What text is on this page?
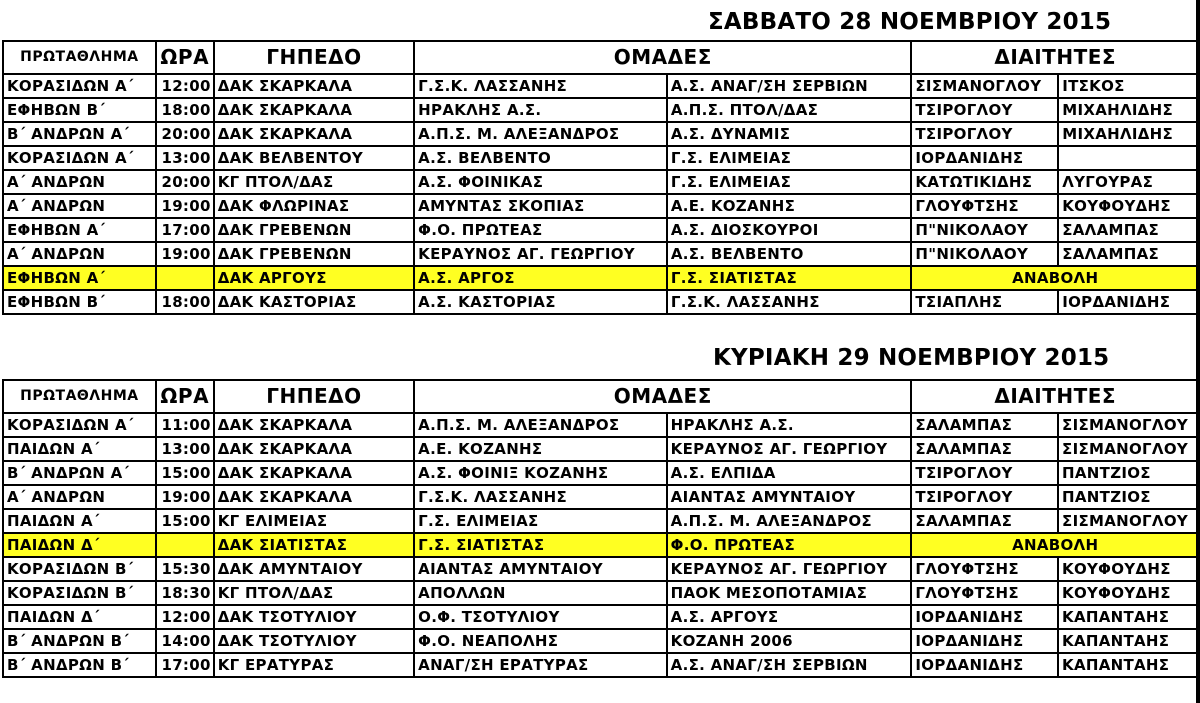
ΣΑΒΒΑΤΟ 28 ΝΟΕΜΒΡΙΟΥ 2015
ΠΡΩΤΑΘΛΗΜΑ	ΩΡΑ	ΓΗΠΕΔΟ	ΟΜΑΔΕΣ		ΔΙΑΙΤΗΤΕΣ	
ΚΟΡΑΣΙΔΩΝ Α΄	12:00	ΔΑΚ ΣΚΑΡΚΑΛΑ	Γ.Σ.Κ. ΛΑΣΣΑΝΗΣ	Α.Σ. ΑΝΑΓ/ΣΗ ΣΕΡΒΙΩΝ	ΣΙΣΜΑΝΟΓΛΟΥ	ΙΤΣΚΟΣ
ΕΦΗΒΩΝ Β΄	18:00	ΔΑΚ ΣΚΑΡΚΑΛΑ	ΗΡΑΚΛΗΣ Α.Σ.	Α.Π.Σ. ΠΤΟΛ/ΔΑΣ	ΤΣΙΡΟΓΛΟΥ	ΜΙΧΑΗΛΙΔΗΣ
Β΄ ΑΝΔΡΩΝ Α΄	20:00	ΔΑΚ ΣΚΑΡΚΑΛΑ	Α.Π.Σ. Μ. ΑΛΕΞΑΝΔΡΟΣ	Α.Σ. ΔΥΝΑΜΙΣ	ΤΣΙΡΟΓΛΟΥ	ΜΙΧΑΗΛΙΔΗΣ
ΚΟΡΑΣΙΔΩΝ Α΄	13:00	ΔΑΚ ΒΕΛΒΕΝΤΟΥ	Α.Σ. ΒΕΛΒΕΝΤΟ	Γ.Σ. ΕΛΙΜΕΙΑΣ	ΙΟΡΔΑΝΙΔΗΣ	
Α΄ ΑΝΔΡΩΝ	20:00	ΚΓ ΠΤΟΛ/ΔΑΣ	Α.Σ. ΦΟΙΝΙΚΑΣ	Γ.Σ. ΕΛΙΜΕΙΑΣ	ΚΑΤΩΤΙΚΙΔΗΣ	ΛΥΓΟΥΡΑΣ
Α΄ ΑΝΔΡΩΝ	19:00	ΔΑΚ ΦΛΩΡΙΝΑΣ	ΑΜΥΝΤΑΣ ΣΚΟΠΙΑΣ	Α.Ε. ΚΟΖΑΝΗΣ	ΓΛΟΥΦΤΣΗΣ	ΚΟΥΦΟΥΔΗΣ
ΕΦΗΒΩΝ Α΄	17:00	ΔΑΚ ΓΡΕΒΕΝΩΝ	Φ.Ο. ΠΡΩΤΕΑΣ	Α.Σ. ΔΙΟΣΚΟΥΡΟΙ	Π"ΝΙΚΟΛΑΟΥ	ΣΑΛΑΜΠΑΣ
Α΄ ΑΝΔΡΩΝ	19:00	ΔΑΚ ΓΡΕΒΕΝΩΝ	ΚΕΡΑΥΝΟΣ ΑΓ. ΓΕΩΡΓΙΟΥ	Α.Σ. ΒΕΛΒΕΝΤΟ	Π"ΝΙΚΟΛΑΟΥ	ΣΑΛΑΜΠΑΣ
ΕΦΗΒΩΝ Α΄		ΔΑΚ ΑΡΓΟΥΣ	Α.Σ. ΑΡΓΟΣ	Γ.Σ. ΣΙΑΤΙΣΤΑΣ	ΑΝΑΒΟΛΗ	
ΕΦΗΒΩΝ Β΄	18:00	ΔΑΚ ΚΑΣΤΟΡΙΑΣ	Α.Σ. ΚΑΣΤΟΡΙΑΣ	Γ.Σ.Κ. ΛΑΣΣΑΝΗΣ	ΤΣΙΑΠΛΗΣ	ΙΟΡΔΑΝΙΔΗΣ
ΚΥΡΙΑΚΗ 29 ΝΟΕΜΒΡΙΟΥ 2015
ΠΡΩΤΑΘΛΗΜΑ	ΩΡΑ	ΓΗΠΕΔΟ	ΟΜΑΔΕΣ		ΔΙΑΙΤΗΤΕΣ	
ΚΟΡΑΣΙΔΩΝ Α΄	11:00	ΔΑΚ ΣΚΑΡΚΑΛΑ	Α.Π.Σ. Μ. ΑΛΕΞΑΝΔΡΟΣ	ΗΡΑΚΛΗΣ Α.Σ.	ΣΑΛΑΜΠΑΣ	ΣΙΣΜΑΝΟΓΛΟΥ
ΠΑΙΔΩΝ Α΄	13:00	ΔΑΚ ΣΚΑΡΚΑΛΑ	Α.Ε. ΚΟΖΑΝΗΣ	ΚΕΡΑΥΝΟΣ ΑΓ. ΓΕΩΡΓΙΟΥ	ΣΑΛΑΜΠΑΣ	ΣΙΣΜΑΝΟΓΛΟΥ
Β΄ ΑΝΔΡΩΝ Α΄	15:00	ΔΑΚ ΣΚΑΡΚΑΛΑ	Α.Σ. ΦΟΙΝΙΞ ΚΟΖΑΝΗΣ	Α.Σ. ΕΛΠΙΔΑ	ΤΣΙΡΟΓΛΟΥ	ΠΑΝΤΖΙΟΣ
Α΄ ΑΝΔΡΩΝ	19:00	ΔΑΚ ΣΚΑΡΚΑΛΑ	Γ.Σ.Κ. ΛΑΣΣΑΝΗΣ	ΑΙΑΝΤΑΣ ΑΜΥΝΤΑΙΟΥ	ΤΣΙΡΟΓΛΟΥ	ΠΑΝΤΖΙΟΣ
ΠΑΙΔΩΝ Α΄	15:00	ΚΓ ΕΛΙΜΕΙΑΣ	Γ.Σ. ΕΛΙΜΕΙΑΣ	Α.Π.Σ. Μ. ΑΛΕΞΑΝΔΡΟΣ	ΣΑΛΑΜΠΑΣ	ΣΙΣΜΑΝΟΓΛΟΥ
ΠΑΙΔΩΝ Δ΄		ΔΑΚ ΣΙΑΤΙΣΤΑΣ	Γ.Σ. ΣΙΑΤΙΣΤΑΣ	Φ.Ο. ΠΡΩΤΕΑΣ	ΑΝΑΒΟΛΗ	
ΚΟΡΑΣΙΔΩΝ Β΄	15:30	ΔΑΚ ΑΜΥΝΤΑΙΟΥ	ΑΙΑΝΤΑΣ ΑΜΥΝΤΑΙΟΥ	ΚΕΡΑΥΝΟΣ ΑΓ. ΓΕΩΡΓΙΟΥ	ΓΛΟΥΦΤΣΗΣ	ΚΟΥΦΟΥΔΗΣ
ΚΟΡΑΣΙΔΩΝ Β΄	18:30	ΚΓ ΠΤΟΛ/ΔΑΣ	ΑΠΟΛΛΩΝ	ΠΑΟΚ ΜΕΣΟΠΟΤΑΜΙΑΣ	ΓΛΟΥΦΤΣΗΣ	ΚΟΥΦΟΥΔΗΣ
ΠΑΙΔΩΝ Δ΄	12:00	ΔΑΚ ΤΣΟΤΥΛΙΟΥ	Ο.Φ. ΤΣΟΤΥΛΙΟΥ	Α.Σ. ΑΡΓΟΥΣ	ΙΟΡΔΑΝΙΔΗΣ	ΚΑΠΑΝΤΑΗΣ
Β΄ ΑΝΔΡΩΝ Β΄	14:00	ΔΑΚ ΤΣΟΤΥΛΙΟΥ	Φ.Ο. ΝΕΑΠΟΛΗΣ	ΚΟΖΑΝΗ 2006	ΙΟΡΔΑΝΙΔΗΣ	ΚΑΠΑΝΤΑΗΣ
Β΄ ΑΝΔΡΩΝ Β΄	17:00	ΚΓ ΕΡΑΤΥΡΑΣ	ΑΝΑΓ/ΣΗ ΕΡΑΤΥΡΑΣ	Α.Σ. ΑΝΑΓ/ΣΗ ΣΕΡΒΙΩΝ	ΙΟΡΔΑΝΙΔΗΣ	ΚΑΠΑΝΤΑΗΣ
